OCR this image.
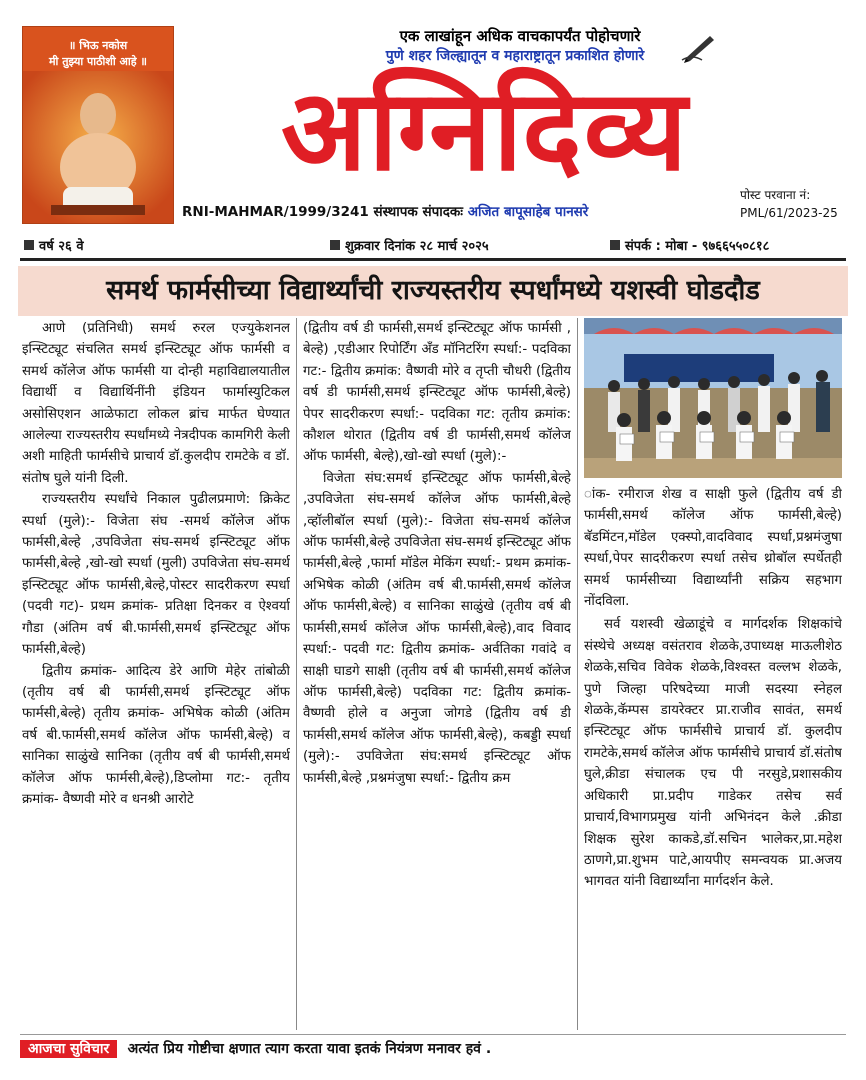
॥ भिऊ नकोस
मी तुझ्या पाठीशी आहे ॥
एक लाखांहून अधिक वाचकापर्यंत पोहोचणारे
पुणे शहर जिल्ह्यातून व महाराष्ट्रातून प्रकाशित होणारे
अग्निदिव्य	पोस्ट परवाना नं:
PML/61/2023-25
RNI-MAHMAR/1999/3241 संस्थापक संपादकः अजित बापूसाहेब पानसरे
वर्ष २६ वे	शुक्रवार दिनांक २८ मार्च २०२५	संपर्क : मोबा - ९७६६५५०८१८
समर्थ फार्मसीच्या विद्यार्थ्यांची राज्यस्तरीय स्पर्धांमध्ये यशस्वी घोडदौड

आणे (प्रतिनिधी) समर्थ रुरल एज्युकेशनल इन्स्टिट्यूट संचलित समर्थ इन्स्टिट्यूट ऑफ फार्मसी व समर्थ कॉलेज ऑफ फार्मसी या दोन्ही महाविद्यालयातील विद्यार्थी व विद्यार्थिनींनी इंडियन फार्मास्युटिकल असोसिएशन आळेफाटा लोकल ब्रांच मार्फत घेण्यात आलेल्या राज्यस्तरीय स्पर्धांमध्ये नेत्रदीपक कामगिरी केली अशी माहिती फार्मसीचे प्राचार्य डॉ.कुलदीप रामटेके व डॉ. संतोष घुले यांनी दिली.

राज्यस्तरीय स्पर्धांचे निकाल पुढीलप्रमाणे: क्रिकेट स्पर्धा (मुले):- विजेता संघ -समर्थ कॉलेज ऑफ फार्मसी,बेल्हे ,उपविजेता संघ-समर्थ इन्स्टिट्यूट ऑफ फार्मसी,बेल्हे ,खो-खो स्पर्धा (मुली) उपविजेता संघ-समर्थ इन्स्टिट्यूट ऑफ फार्मसी,बेल्हे,पोस्टर सादरीकरण स्पर्धा (पदवी गट)- प्रथम क्रमांक- प्रतिक्षा दिनकर व ऐश्वर्या गौडा (अंतिम वर्ष बी.फार्मसी,समर्थ इन्स्टिट्यूट ऑफ फार्मसी,बेल्हे)

द्वितीय क्रमांक- आदित्य डेरे आणि मेहेर तांबोळी (तृतीय वर्ष बी फार्मसी,समर्थ इन्स्टिट्यूट ऑफ फार्मसी,बेल्हे) तृतीय क्रमांक- अभिषेक कोळी (अंतिम वर्ष बी.फार्मसी,समर्थ कॉलेज ऑफ फार्मसी,बेल्हे) व सानिका साळुंखे सानिका (तृतीय वर्ष बी फार्मसी,समर्थ कॉलेज ऑफ फार्मसी,बेल्हे),डिप्लोमा गट:- तृतीय क्रमांक- वैष्णवी मोरे व धनश्री आरोटे

(द्वितीय वर्ष डी फार्मसी,समर्थ इन्स्टिट्यूट ऑफ फार्मसी , बेल्हे) ,एडीआर रिपोर्टिंग अँड मॉनिटरिंग स्पर्धा:- पदविका गट:- द्वितीय क्रमांक: वैष्णवी मोरे व तृप्ती चौधरी (द्वितीय वर्ष डी फार्मसी,समर्थ इन्स्टिट्यूट ऑफ फार्मसी,बेल्हे) पेपर सादरीकरण स्पर्धा:- पदविका गट: तृतीय क्रमांक: कौशल थोरात (द्वितीय वर्ष डी फार्मसी,समर्थ कॉलेज ऑफ फार्मसी, बेल्हे),खो-खो स्पर्धा (मुले):-

विजेता संघ:समर्थ इन्स्टिट्यूट ऑफ फार्मसी,बेल्हे ,उपविजेता संघ-समर्थ कॉलेज ऑफ फार्मसी,बेल्हे ,व्हॉलीबॉल स्पर्धा (मुले):- विजेता संघ-समर्थ कॉलेज ऑफ फार्मसी,बेल्हे उपविजेता संघ-समर्थ इन्स्टिट्यूट ऑफ फार्मसी,बेल्हे ,फार्मा मॉडेल मेकिंग स्पर्धा:- प्रथम क्रमांक- अभिषेक कोळी (अंतिम वर्ष बी.फार्मसी,समर्थ कॉलेज ऑफ फार्मसी,बेल्हे) व सानिका साळुंखे (तृतीय वर्ष बी फार्मसी,समर्थ कॉलेज ऑफ फार्मसी,बेल्हे),वाद विवाद स्पर्धा:- पदवी गट: द्वितीय क्रमांक- अर्वतिका गवांदे व साक्षी घाडगे साक्षी (तृतीय वर्ष बी फार्मसी,समर्थ कॉलेज ऑफ फार्मसी,बेल्हे) पदविका गट: द्वितीय क्रमांक- वैष्णवी होले व अनुजा जोगडे (द्वितीय वर्ष डी फार्मसी,समर्थ कॉलेज ऑफ फार्मसी,बेल्हे), कबड्डी स्पर्धा (मुले):- उपविजेता संघ:समर्थ इन्स्टिट्यूट ऑफ फार्मसी,बेल्हे ,प्रश्नमंजुषा स्पर्धा:- द्वितीय क्रम

ांक- रमीराज शेख व साक्षी फुले (द्वितीय वर्ष डी फार्मसी,समर्थ कॉलेज ऑफ फार्मसी,बेल्हे) बॅडमिंटन,मॉडेल एक्स्पो,वादविवाद स्पर्धा,प्रश्नमंजुषा स्पर्धा,पेपर सादरीकरण स्पर्धा तसेच थ्रोबॉल स्पर्धेतही समर्थ फार्मसीच्या विद्यार्थ्यांनी सक्रिय सहभाग नोंदविला.

सर्व यशस्वी खेळाडूंचे व मार्गदर्शक शिक्षकांचे संस्थेचे अध्यक्ष वसंतराव शेळके,उपाध्यक्ष माऊलीशेठ शेळके,सचिव विवेक शेळके,विश्वस्त वल्लभ शेळके, पुणे जिल्हा परिषदेच्या माजी सदस्या स्नेहल शेळके,कॅम्पस डायरेक्टर प्रा.राजीव सावंत, समर्थ इन्स्टिट्यूट ऑफ फार्मसीचे प्राचार्य डॉ. कुलदीप रामटेके,समर्थ कॉलेज ऑफ फार्मसीचे प्राचार्य डॉ.संतोष घुले,क्रीडा संचालक एच पी नरसुडे,प्रशासकीय अधिकारी प्रा.प्रदीप गाडेकर तसेच सर्व प्राचार्य,विभागप्रमुख यांनी अभिनंदन केले .क्रीडा शिक्षक सुरेश काकडे,डॉ.सचिन भालेकर,प्रा.महेश ठाणगे,प्रा.शुभम पाटे,आयपीए समन्वयक प्रा.अजय भागवत यांनी विद्यार्थ्यांना मार्गदर्शन केले.

आजचा सुविचार अत्यंत प्रिय गोष्टीचा क्षणात त्याग करता यावा इतकं नियंत्रण मनावर हवं .
